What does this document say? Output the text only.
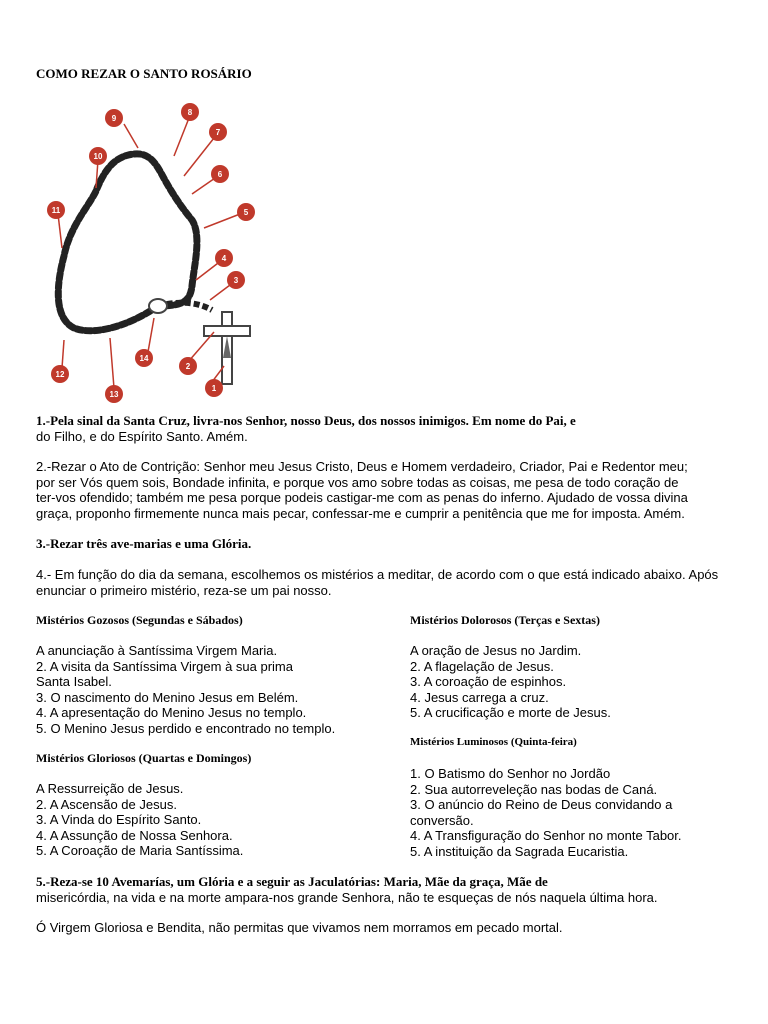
COMO REZAR O SANTO ROSÁRIO
1
2
3
4
5
6
7
8
9
10
11
12
13
14
1.-Pela sinal da Santa Cruz, livra-nos Senhor, nosso Deus, dos nossos inimigos. Em nome do Pai, e
do Filho, e do Espírito Santo. Amém.
2.-Rezar o Ato de Contrição: Senhor meu Jesus Cristo, Deus e Homem verdadeiro, Criador, Pai e Redentor meu;
por ser Vós quem sois, Bondade infinita, e porque vos amo sobre todas as coisas, me pesa de todo coração de
ter-vos ofendido; também me pesa porque podeis castigar-me com as penas do inferno. Ajudado de vossa divina
graça, proponho firmemente nunca mais pecar, confessar-me e cumprir a penitência que me for imposta. Amém.
3.-Rezar três ave-marias e uma Glória.
4.- Em função do dia da semana, escolhemos os mistérios a meditar, de acordo com o que está indicado abaixo. Após
enunciar o primeiro mistério, reza-se um pai nosso.
Mistérios Gozosos (Segundas e Sábados)
A anunciação à Santíssima Virgem Maria.
2. A visita da Santíssima Virgem à sua prima
Santa Isabel.
3. O nascimento do Menino Jesus em Belém.
4. A apresentação do Menino Jesus no templo.
5. O Menino Jesus perdido e encontrado no templo.
Mistérios Dolorosos (Terças e Sextas)
A oração de Jesus no Jardim.
2. A flagelação de Jesus.
3. A coroação de espinhos.
4. Jesus carrega a cruz.
5. A crucificação e morte de Jesus.
Mistérios Gloriosos (Quartas e Domingos)
A Ressurreição de Jesus.
2. A Ascensão de Jesus.
3. A Vinda do Espírito Santo.
4. A Assunção de Nossa Senhora.
5. A Coroação de Maria Santíssima.
Mistérios Luminosos (Quinta-feira)
1. O Batismo do Senhor no Jordão
2. Sua autorreveleção nas bodas de Caná.
3. O anúncio do Reino de Deus convidando a
conversão.
4. A Transfiguração do Senhor no monte Tabor.
5. A instituição da Sagrada Eucaristia.
5.-Reza-se 10 Avemarías, um Glória e a seguir as Jaculatórias: Maria, Mãe da graça, Mãe de
misericórdia, na vida e na morte ampara-nos grande Senhora, não te esqueças de nós naquela última hora.
Ó Virgem Gloriosa e Bendita, não permitas que vivamos nem morramos em pecado mortal.
